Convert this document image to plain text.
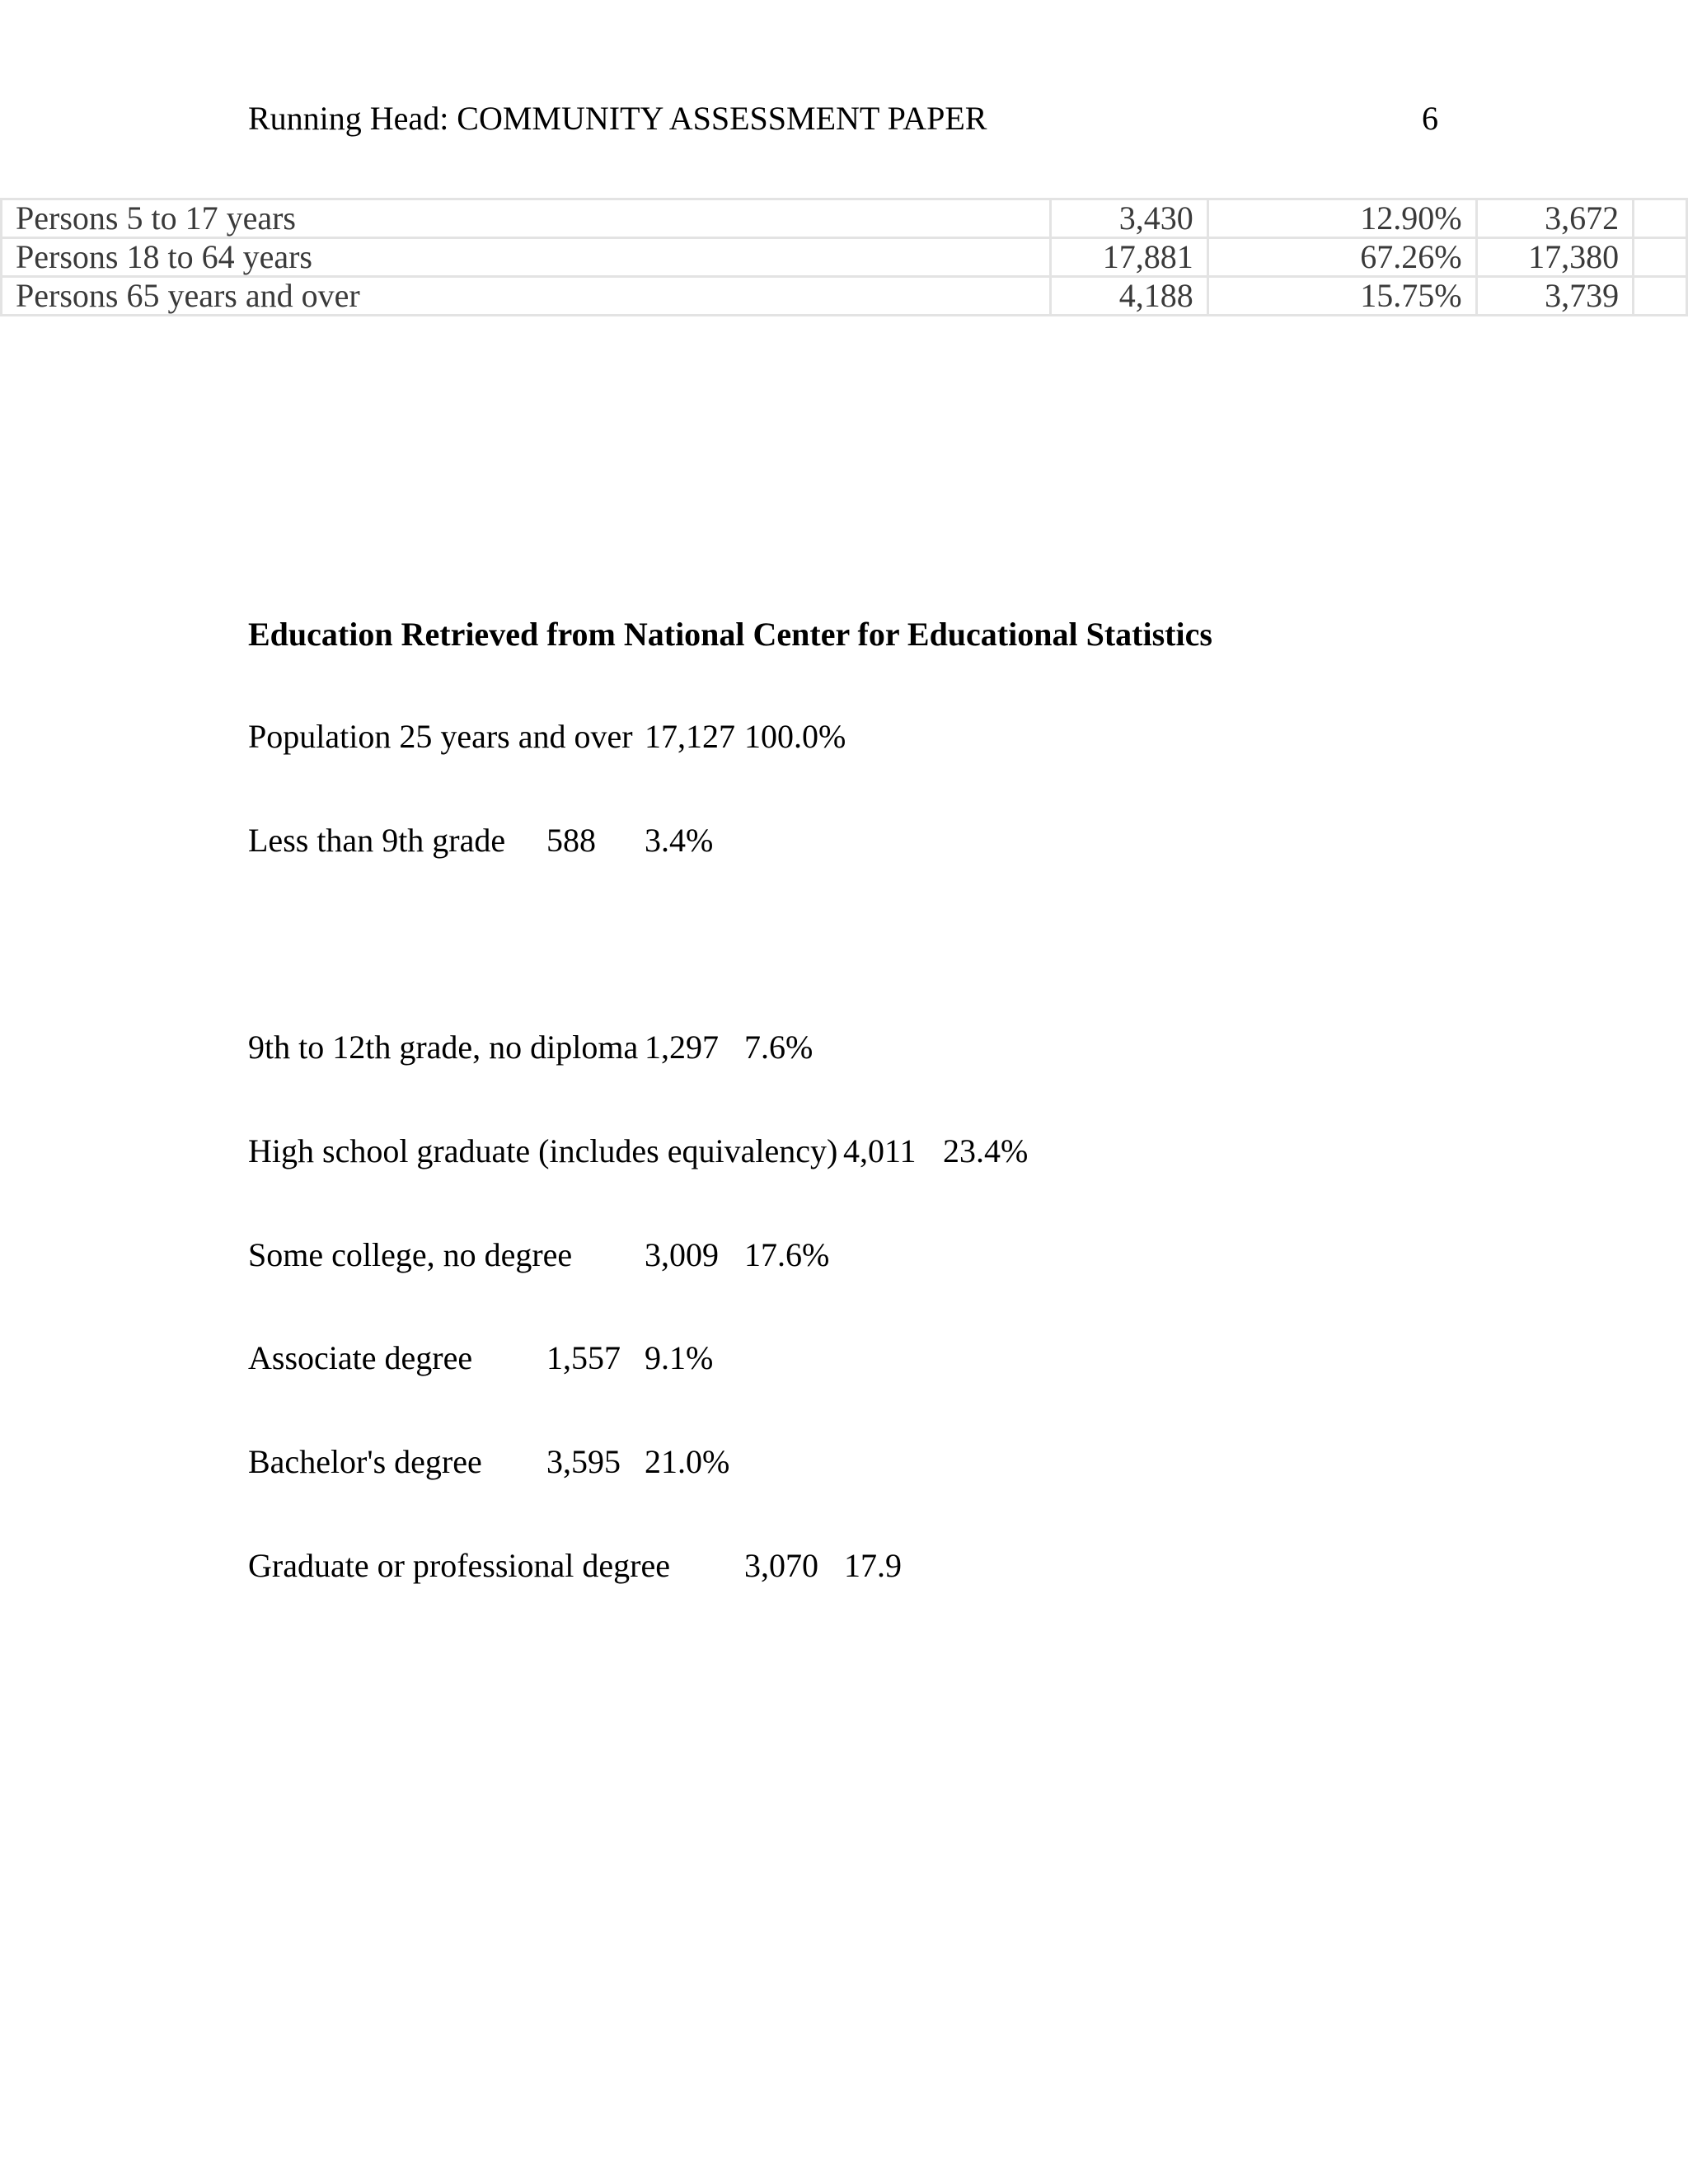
Running Head: COMMUNITY ASSESSMENT PAPER	6
Persons 5 to 17 years	3,430	12.90%	3,672	
Persons 18 to 64 years	17,881	67.26%	17,380	
Persons 65 years and over	4,188	15.75%	3,739	
Education Retrieved from National Center for Educational Statistics
Population 25 years and over 17,127 100.0%
Less than 9th grade 588 3.4%
9th to 12th grade, no diploma 1,297 7.6%
High school graduate (includes equivalency) 4,011 23.4%
Some college, no degree 3,009 17.6%
Associate degree 1,557 9.1%
Bachelor's degree 3,595 21.0%
Graduate or professional degree 3,070 17.9
